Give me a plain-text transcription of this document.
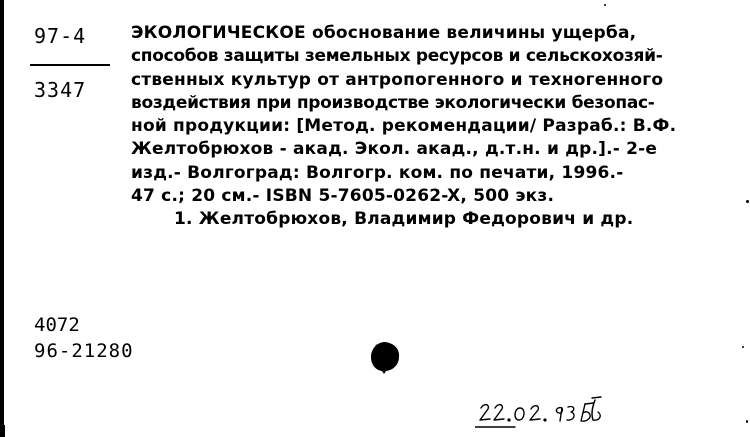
97-4
3347
ЭКОЛОГИЧЕСКОЕ обоснование величины ущерба,
способов защиты земельных ресурсов и сельскохозяй-
ственных культур от антропогенного и техногенного
воздействия при производстве экологически безопас-
ной продукции: [Метод. рекомендации/ Разраб.: В.Ф.
Желтобрюхов - акад. Экол. акад., д.т.н. и др.].- 2-е
изд.- Волгоград: Волгогр. ком. по печати, 1996.-
47 с.; 20 см.- ISBN 5-7605-0262-X, 500 экз.
1. Желтобрюхов, Владимир Федорович и др.
4072
96-21280
